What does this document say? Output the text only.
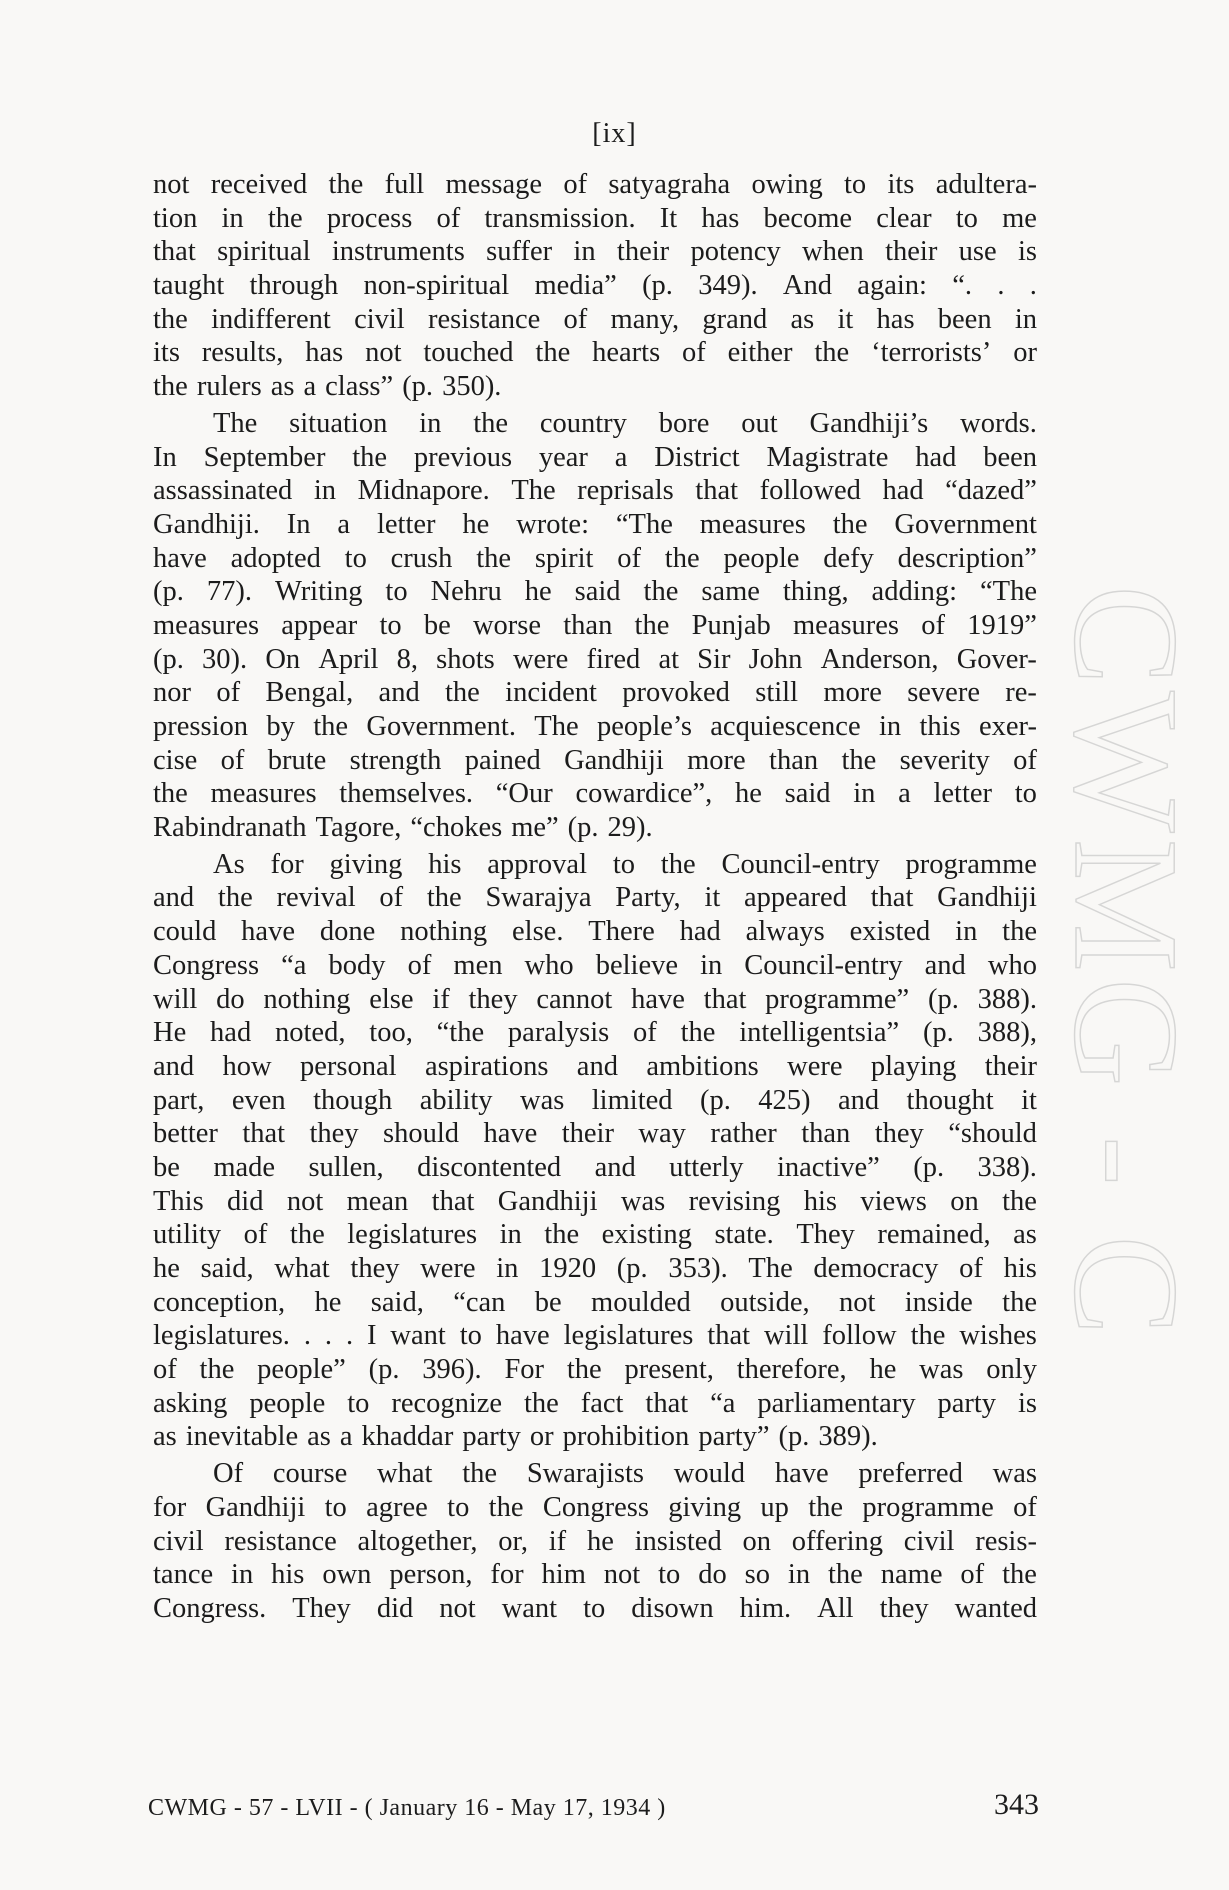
[ix]
CWMG - C
not received the full message of satyagraha owing to its adultera-
tion in the process of transmission. It has become clear to me
that spiritual instruments suffer in their potency when their use is
taught through non-spiritual media” (p. 349). And again: “. . .
the indifferent civil resistance of many, grand as it has been in
its results, has not touched the hearts of either the ‘terrorists’ or
the rulers as a class” (p. 350).
The situation in the country bore out Gandhiji’s words.
In September the previous year a District Magistrate had been
assassinated in Midnapore. The reprisals that followed had “dazed”
Gandhiji. In a letter he wrote: “The measures the Government
have adopted to crush the spirit of the people defy description”
(p. 77). Writing to Nehru he said the same thing, adding: “The
measures appear to be worse than the Punjab measures of 1919”
(p. 30). On April 8, shots were fired at Sir John Anderson, Gover-
nor of Bengal, and the incident provoked still more severe re-
pression by the Government. The people’s acquiescence in this exer-
cise of brute strength pained Gandhiji more than the severity of
the measures themselves. “Our cowardice”, he said in a letter to
Rabindranath Tagore, “chokes me” (p. 29).
As for giving his approval to the Council-entry programme
and the revival of the Swarajya Party, it appeared that Gandhiji
could have done nothing else. There had always existed in the
Congress “a body of men who believe in Council-entry and who
will do nothing else if they cannot have that programme” (p. 388).
He had noted, too, “the paralysis of the intelligentsia” (p. 388),
and how personal aspirations and ambitions were playing their
part, even though ability was limited (p. 425) and thought it
better that they should have their way rather than they “should
be made sullen, discontented and utterly inactive” (p. 338).
This did not mean that Gandhiji was revising his views on the
utility of the legislatures in the existing state. They remained, as
he said, what they were in 1920 (p. 353). The democracy of his
conception, he said, “can be moulded outside, not inside the
legislatures. . . . I want to have legislatures that will follow the wishes
of the people” (p. 396). For the present, therefore, he was only
asking people to recognize the fact that “a parliamentary party is
as inevitable as a khaddar party or prohibition party” (p. 389).
Of course what the Swarajists would have preferred was
for Gandhiji to agree to the Congress giving up the programme of
civil resistance altogether, or, if he insisted on offering civil resis-
tance in his own person, for him not to do so in the name of the
Congress. They did not want to disown him. All they wanted
CWMG - 57 - LVII - ( January 16 - May 17, 1934 )	343
